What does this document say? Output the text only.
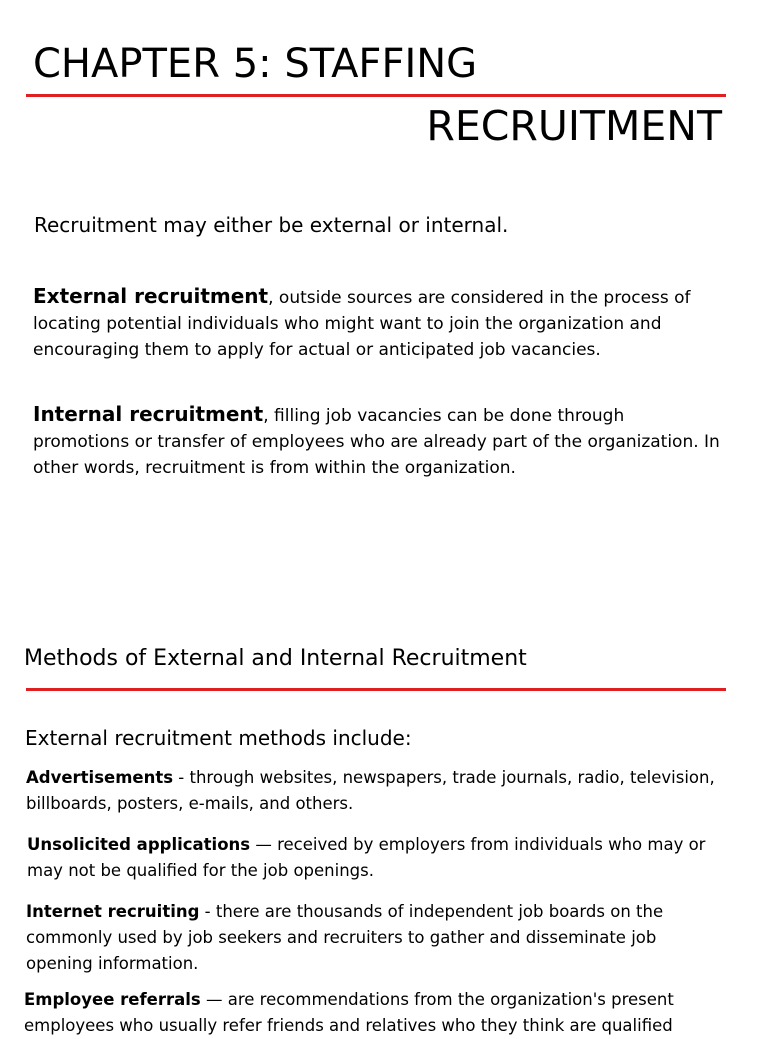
CHAPTER 5: STAFFING
RECRUITMENT
Recruitment may either be external or internal.
External recruitment, outside sources are considered in the process of locating potential individuals who might want to join the organization and encouraging them to apply for actual or anticipated job vacancies.
Internal recruitment, filling job vacancies can be done through promotions or transfer of employees who are already part of the organization. In other words, recruitment is from within the organization.
Methods of External and Internal Recruitment
External recruitment methods include:
Advertisements - through websites, newspapers, trade journals, radio, television, billboards, posters, e-mails, and others.
Unsolicited applications — received by employers from individuals who may or may not be qualified for the job openings.
Internet recruiting - there are thousands of independent job boards on the commonly used by job seekers and recruiters to gather and disseminate job opening information.
Employee referrals — are recommendations from the organization's present employees who usually refer friends and relatives who they think are qualified
